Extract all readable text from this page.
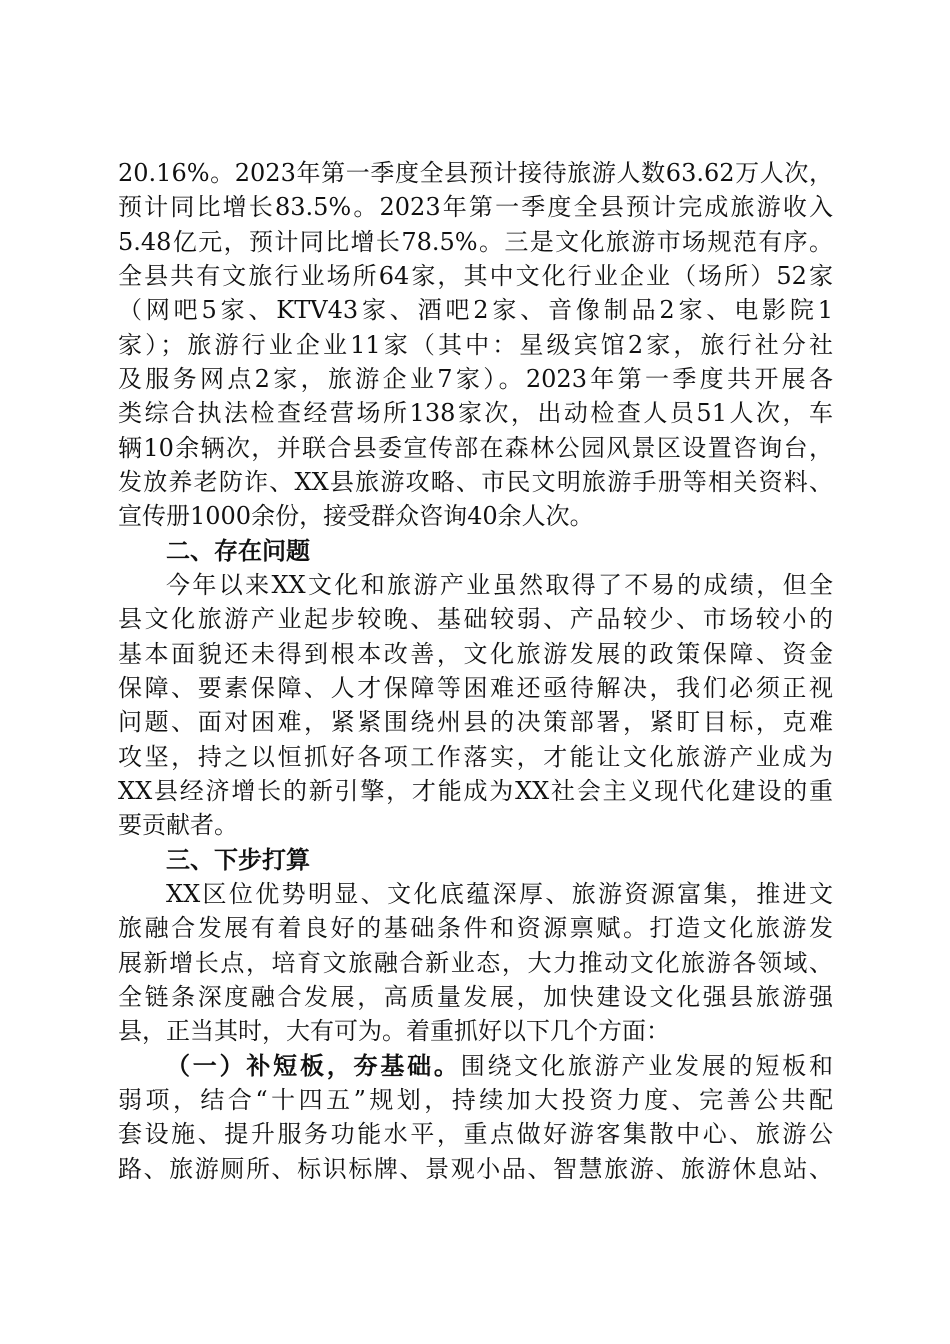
20.16%。2023年第一季度全县预计接待旅游人数63.62万人次，
预计同比增长83.5%。2023年第一季度全县预计完成旅游收入
5.48亿元，预计同比增长78.5%。三是文化旅游市场规范有序。
全县共有文旅行业场所64家，其中文化行业企业（场所）52家
（网吧5家、KTV43家、酒吧2家、音像制品2家、电影院1
家）；旅游行业企业11家（其中：星级宾馆2家，旅行社分社
及服务网点2家，旅游企业7家）。2023年第一季度共开展各
类综合执法检查经营场所138家次，出动检查人员51人次，车
辆10余辆次，并联合县委宣传部在森林公园风景区设置咨询台，
发放养老防诈、XX县旅游攻略、市民文明旅游手册等相关资料、
宣传册1000余份，接受群众咨询40余人次。
二、存在问题
今年以来XX文化和旅游产业虽然取得了不易的成绩，但全
县文化旅游产业起步较晚、基础较弱、产品较少、市场较小的
基本面貌还未得到根本改善，文化旅游发展的政策保障、资金
保障、要素保障、人才保障等困难还亟待解决，我们必须正视
问题、面对困难，紧紧围绕州县的决策部署，紧盯目标，克难
攻坚，持之以恒抓好各项工作落实，才能让文化旅游产业成为
XX县经济增长的新引擎，才能成为XX社会主义现代化建设的重
要贡献者。
三、下步打算
XX区位优势明显、文化底蕴深厚、旅游资源富集，推进文
旅融合发展有着良好的基础条件和资源禀赋。打造文化旅游发
展新增长点，培育文旅融合新业态，大力推动文化旅游各领域、
全链条深度融合发展，高质量发展，加快建设文化强县旅游强
县，正当其时，大有可为。着重抓好以下几个方面：
（一）补短板，夯基础。围绕文化旅游产业发展的短板和
弱项，结合“十四五”规划，持续加大投资力度、完善公共配
套设施、提升服务功能水平，重点做好游客集散中心、旅游公
路、旅游厕所、标识标牌、景观小品、智慧旅游、旅游休息站、
